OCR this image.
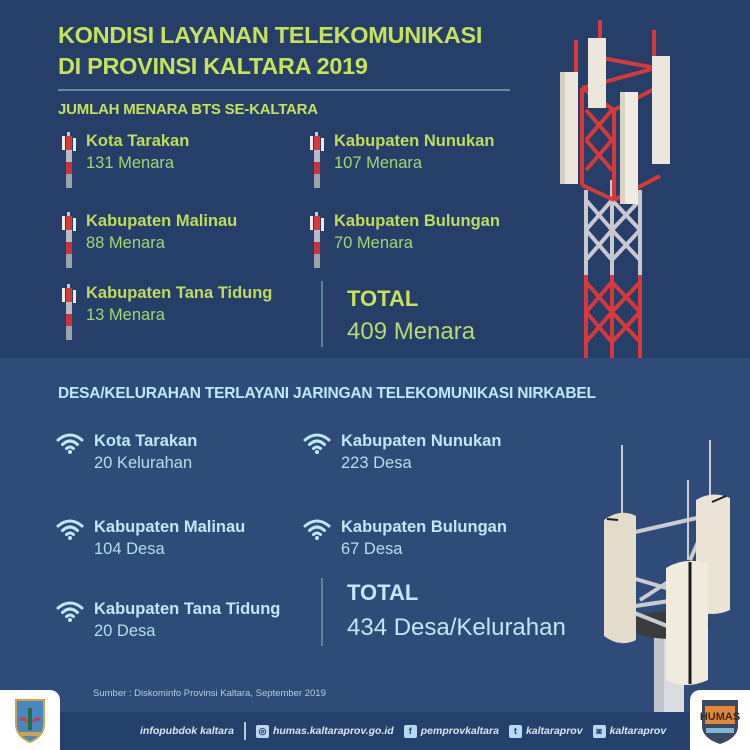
KONDISI LAYANAN TELEKOMUNIKASI
DI PROVINSI KALTARA 2019
JUMLAH MENARA BTS SE-KALTARA
Kota Tarakan
131 Menara
Kabupaten Nunukan
107 Menara
Kabupaten Malinau
88 Menara
Kabupaten Bulungan
70 Menara
Kabupaten Tana Tidung
13 Menara
TOTAL
409 Menara
DESA/KELURAHAN TERLAYANI JARINGAN TELEKOMUNIKASI NIRKABEL
Kota Tarakan
20 Kelurahan
Kabupaten Nunukan
223 Desa
Kabupaten Malinau
104 Desa
Kabupaten Bulungan
67 Desa
Kabupaten Tana Tidung
20 Desa
TOTAL
434 Desa/Kelurahan
Sumber : Diskominfo Provinsi Kaltara, September 2019
infopubdok kaltara	◎ humas.kaltaraprov.go.id	f pemprovkaltara	t kaltaraprov	◙ kaltaraprov
HUMAS
